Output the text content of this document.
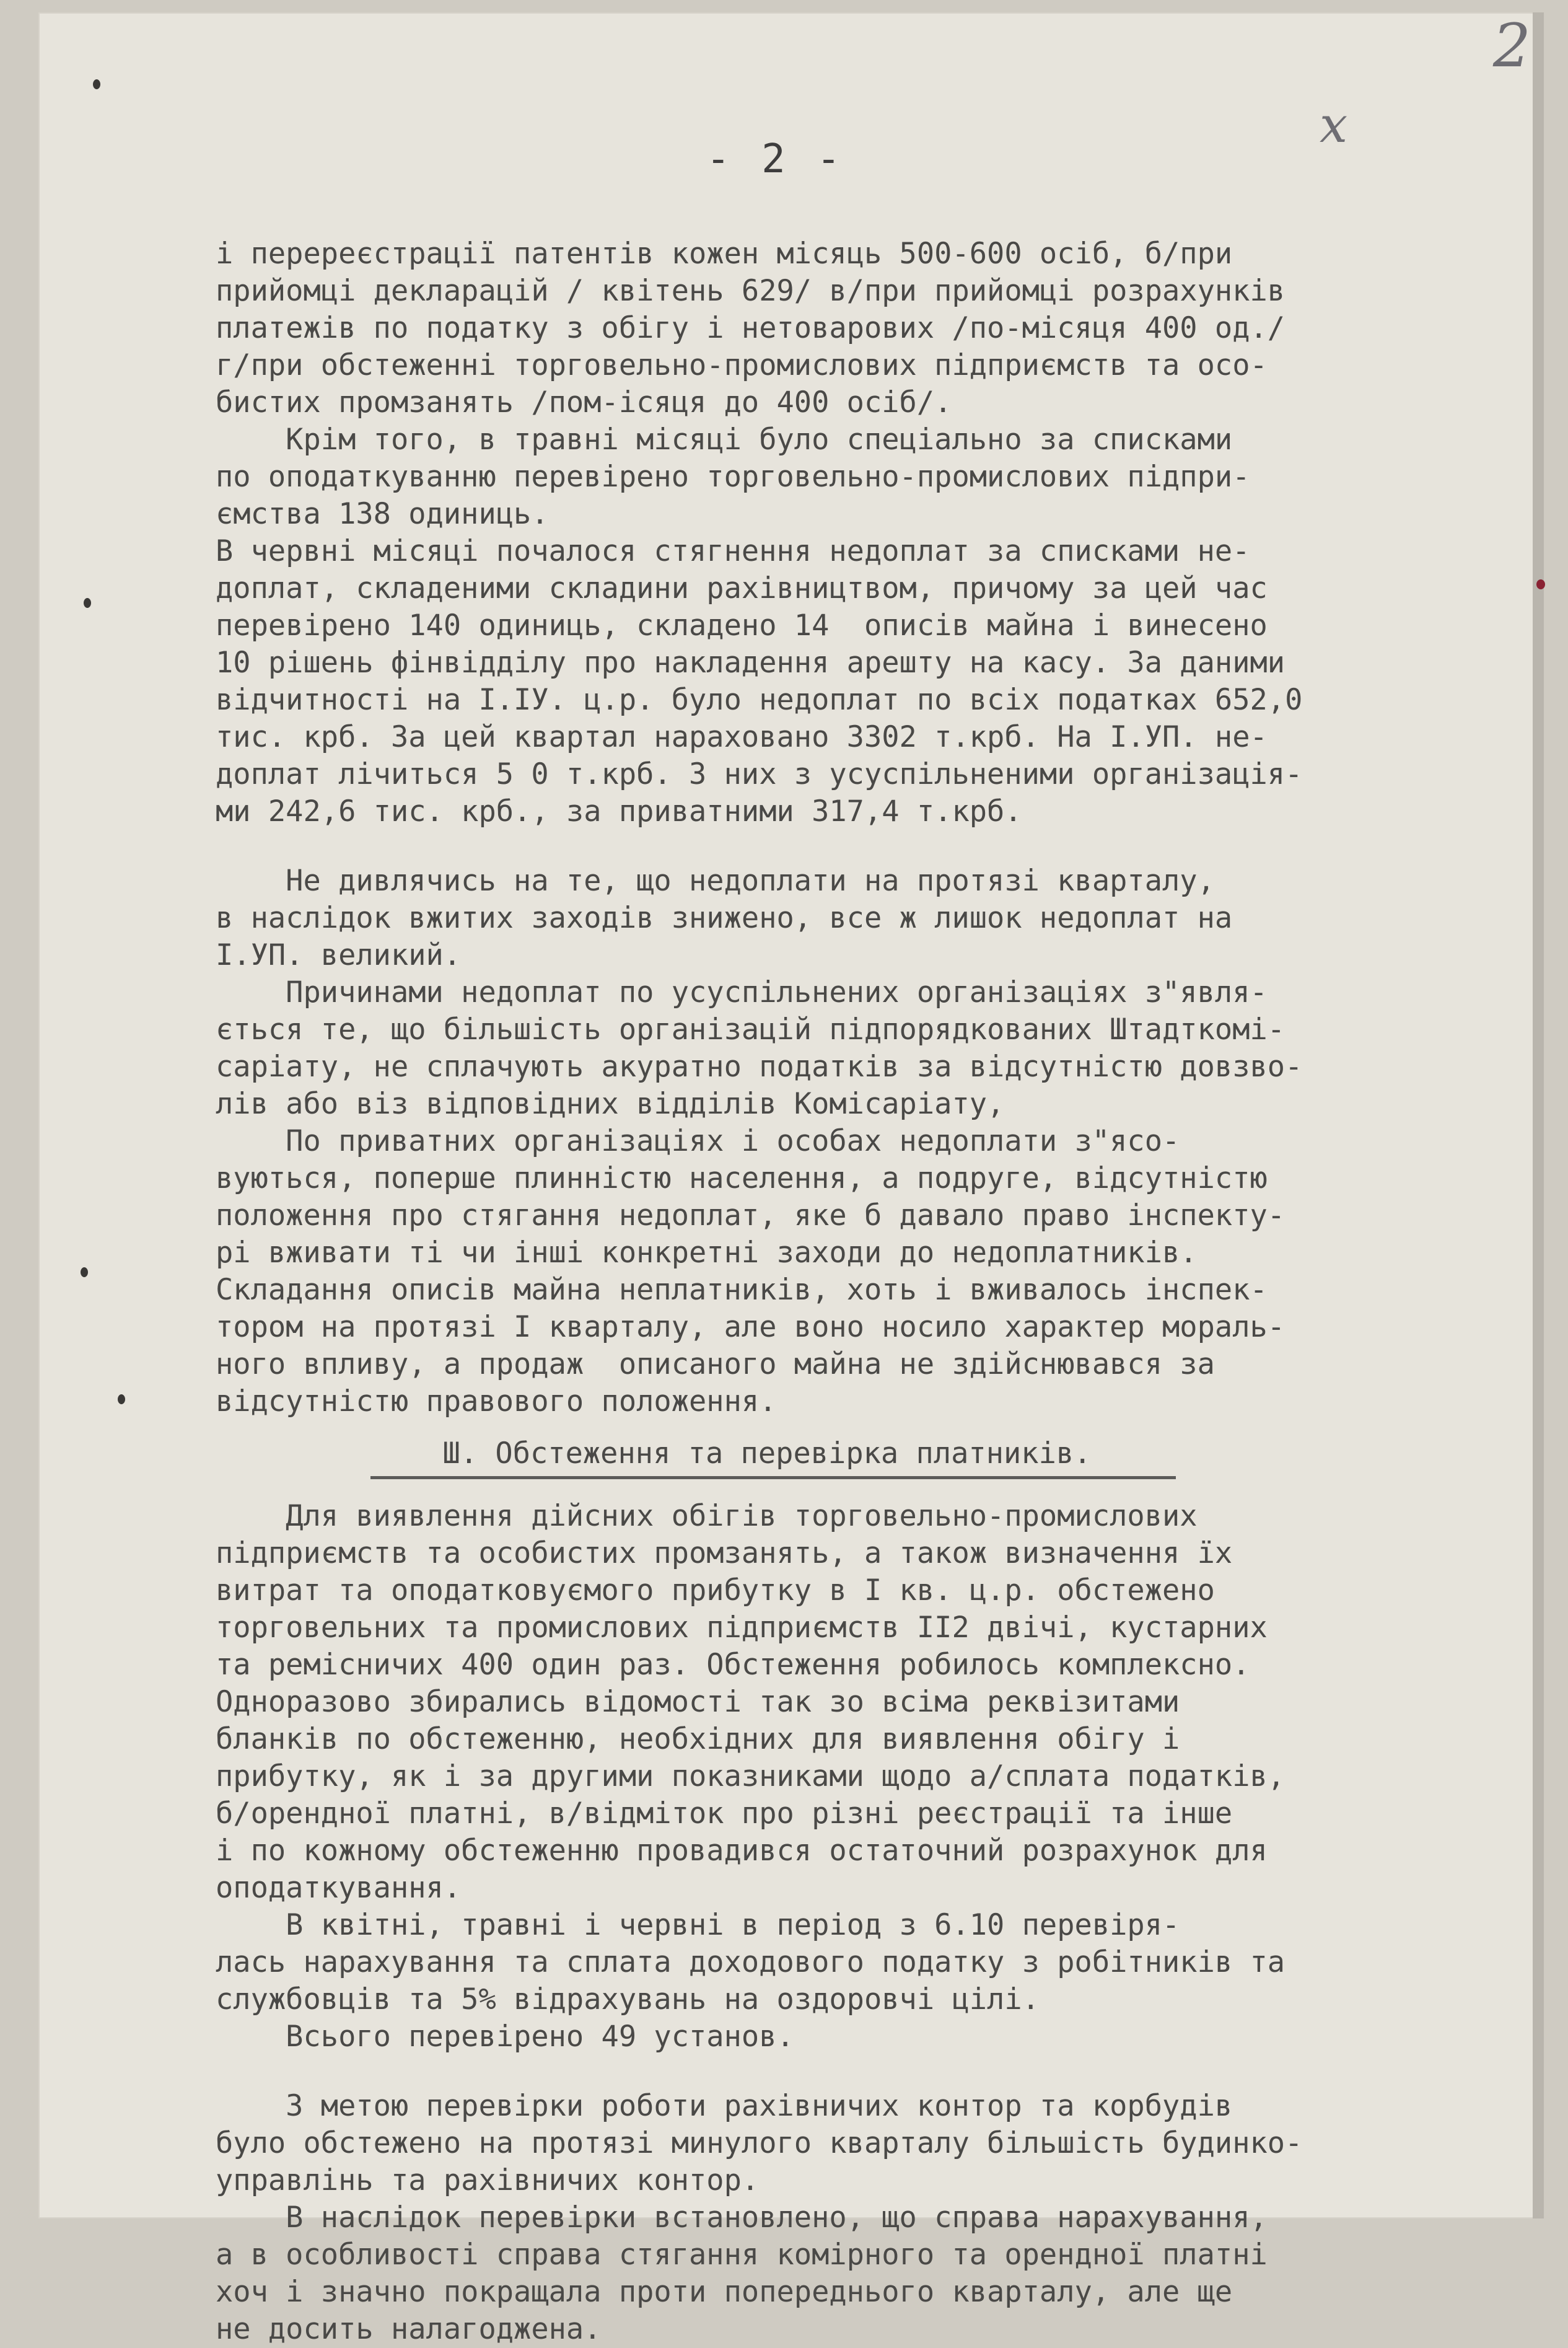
2
x
- 2 -
і перереєстрації патентів кожен місяць 500-600 осіб, б/при
прийомці декларацій / квітень 629/ в/при прийомці розрахунків
платежів по податку з обігу і нетоварових /по-місяця 400 од./
г/при обстеженні торговельно-промислових підприємств та осо-
бистих промзанять /пом-ісяця до 400 осіб/.
Крім того, в травні місяці було спеціально за списками
по оподаткуванню перевірено торговельно-промислових підпри-
ємства 138 одиниць.
В червні місяці почалося стягнення недоплат за списками не-
доплат, складеними складини рахівництвом, причому за цей час
перевірено 140 одиниць, складено 14  описів майна і винесено
10 рішень фінвідділу про накладення арешту на касу. За даними
відчитності на І.ІУ. ц.р. було недоплат по всіх податках 652,0
тис. крб. За цей квартал нараховано 3302 т.крб. На І.УП. не-
доплат лічиться 5 0 т.крб. З них з усуспільненими організація-
ми 242,6 тис. крб., за приватними 317,4 т.крб.
Не дивлячись на те, що недоплати на протязі кварталу,
в наслідок вжитих заходів знижено, все ж лишок недоплат на
І.УП. великий.
Причинами недоплат по усуспільнених організаціях з"явля-
ється те, що більшість організацій підпорядкованих Штадткомі-
саріату, не сплачують акуратно податків за відсутністю довзво-
лів або віз відповідних відділів Комісаріату,
По приватних організаціях і особах недоплати з"ясо-
вуються, поперше плинністю населення, а подруге, відсутністю
положення про стягання недоплат, яке б давало право інспекту-
рі вживати ті чи інші конкретні заходи до недоплатників.
Складання описів майна неплатників, хоть і вживалось інспек-
тором на протязі І кварталу, але воно носило характер мораль-
ного впливу, а продаж  описаного майна не здійснювався за
відсутністю правового положення.
Ш. Обстеження та перевірка платників.
Для виявлення дійсних обігів торговельно-промислових
підприємств та особистих промзанять, а також визначення їх
витрат та оподатковуємого прибутку в І кв. ц.р. обстежено
торговельних та промислових підприємств ІІ2 двічі, кустарних
та ремісничих 400 один раз. Обстеження робилось комплексно.
Одноразово збирались відомості так зо всіма реквізитами
бланків по обстеженню, необхідних для виявлення обігу і
прибутку, як і за другими показниками щодо а/сплата податків,
б/орендної платні, в/відміток про різні реєстрації та інше
і по кожному обстеженню провадився остаточний розрахунок для
оподаткування.
В квітні, травні і червні в період з 6.10 перевіря-
лась нарахування та сплата доходового податку з робітників та
службовців та 5% відрахувань на оздоровчі цілі.
Всього перевірено 49 установ.
З метою перевірки роботи рахівничих контор та корбудів
було обстежено на протязі минулого кварталу більшість будинко-
управлінь та рахівничих контор.
В наслідок перевірки встановлено, що справа нарахування,
а в особливості справа стягання комірного та орендної платні
хоч і значно покращала проти попереднього кварталу, але ще
не досить налагоджена.
